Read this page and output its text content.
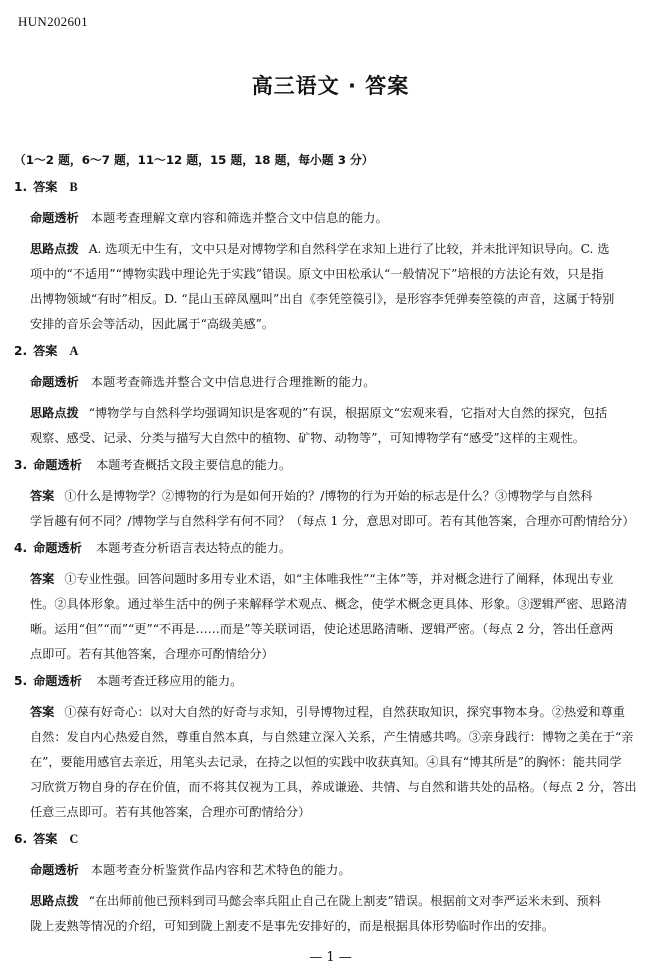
HUN202601
高三语文 · 答案
（1～2 题，6～7 题，11～12 题，15 题，18 题，每小题 3 分）
1. 答案 B
命题透析 本题考查理解文章内容和筛选并整合文中信息的能力。
思路点拨 A. 选项无中生有，文中只是对博物学和自然科学在求知上进行了比较，并未批评知识导向。C. 选
项中的“不适用”“博物实践中理论先于实践”错误。原文中田松承认“一般情况下”培根的方法论有效，只是指
出博物领域“有时”相反。D. “昆山玉碎凤凰叫”出自《李凭箜篌引》，是形容李凭弹奏箜篌的声音，这属于特别
安排的音乐会等活动，因此属于“高级美感”。
2. 答案 A
命题透析 本题考查筛选并整合文中信息进行合理推断的能力。
思路点拨 “博物学与自然科学均强调知识是客观的”有误，根据原文“宏观来看，它指对大自然的探究，包括
观察、感受、记录、分类与描写大自然中的植物、矿物、动物等”，可知博物学有“感受”这样的主观性。
3. 命题透析 本题考查概括文段主要信息的能力。
答案 ①什么是博物学？②博物的行为是如何开始的？/博物的行为开始的标志是什么？③博物学与自然科
学旨趣有何不同？/博物学与自然科学有何不同？（每点 1 分，意思对即可。若有其他答案，合理亦可酌情给分）
4. 命题透析 本题考查分析语言表达特点的能力。
答案 ①专业性强。回答问题时多用专业术语，如“主体唯我性”“主体”等，并对概念进行了阐释，体现出专业
性。②具体形象。通过举生活中的例子来解释学术观点、概念，使学术概念更具体、形象。③逻辑严密、思路清
晰。运用“但”“而”“更”“不再是……而是”等关联词语，使论述思路清晰、逻辑严密。（每点 2 分，答出任意两
点即可。若有其他答案，合理亦可酌情给分）
5. 命题透析 本题考查迁移应用的能力。
答案 ①葆有好奇心：以对大自然的好奇与求知，引导博物过程，自然获取知识，探究事物本身。②热爱和尊重
自然：发自内心热爱自然，尊重自然本真，与自然建立深入关系，产生情感共鸣。③亲身践行：博物之美在于“亲
在”，要能用感官去亲近，用笔头去记录，在持之以恒的实践中收获真知。④具有“博其所是”的胸怀：能共同学
习欣赏万物自身的存在价值，而不将其仅视为工具，养成谦逊、共情、与自然和谐共处的品格。（每点 2 分，答出
任意三点即可。若有其他答案，合理亦可酌情给分）
6. 答案 C
命题透析 本题考查分析鉴赏作品内容和艺术特色的能力。
思路点拨 “在出师前他已预料到司马懿会率兵阻止自己在陇上割麦”错误。根据前文对李严运米未到、预料
陇上麦熟等情况的介绍，可知到陇上割麦不是事先安排好的，而是根据具体形势临时作出的安排。
— 1 —
